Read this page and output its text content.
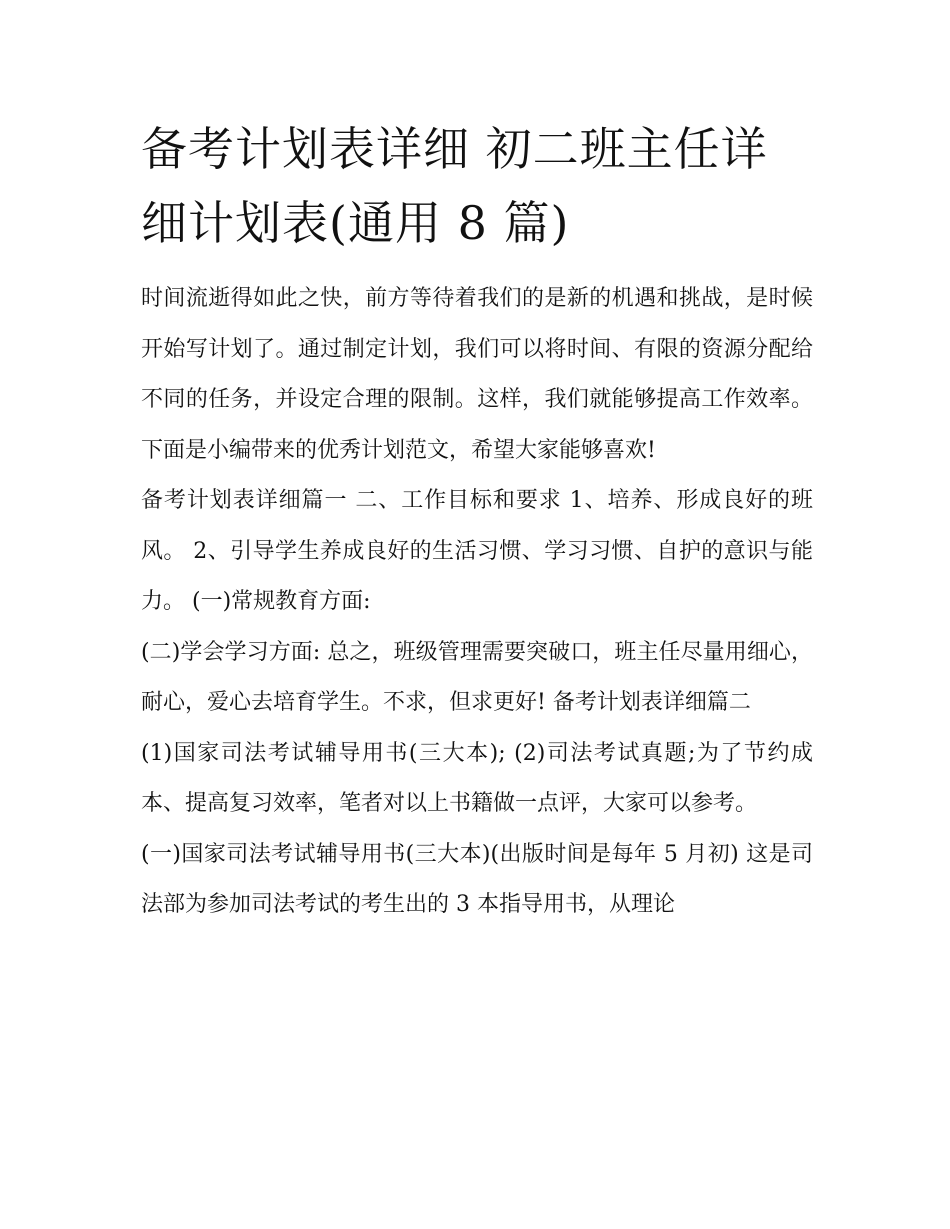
备考计划表详细 初二班主任详
细计划表(通用 8 篇)

时间流逝得如此之快，前方等待着我们的是新的机遇和挑战，是时候开始写计划了。通过制定计划，我们可以将时间、有限的资源分配给不同的任务，并设定合理的限制。这样，我们就能够提高工作效率。下面是小编带来的优秀计划范文，希望大家能够喜欢!

备考计划表详细篇一 二、工作目标和要求 1、培养、形成良好的班风。 2、引导学生养成良好的生活习惯、学习习惯、自护的意识与能力。 (一)常规教育方面:

(二)学会学习方面: 总之，班级管理需要突破口，班主任尽量用细心，耐心，爱心去培育学生。不求，但求更好! 备考计划表详细篇二

(1)国家司法考试辅导用书(三大本); (2)司法考试真题;为了节约成本、提高复习效率，笔者对以上书籍做一点评，大家可以参考。

(一)国家司法考试辅导用书(三大本)(出版时间是每年 5 月初) 这是司法部为参加司法考试的考生出的 3 本指导用书，从理论
